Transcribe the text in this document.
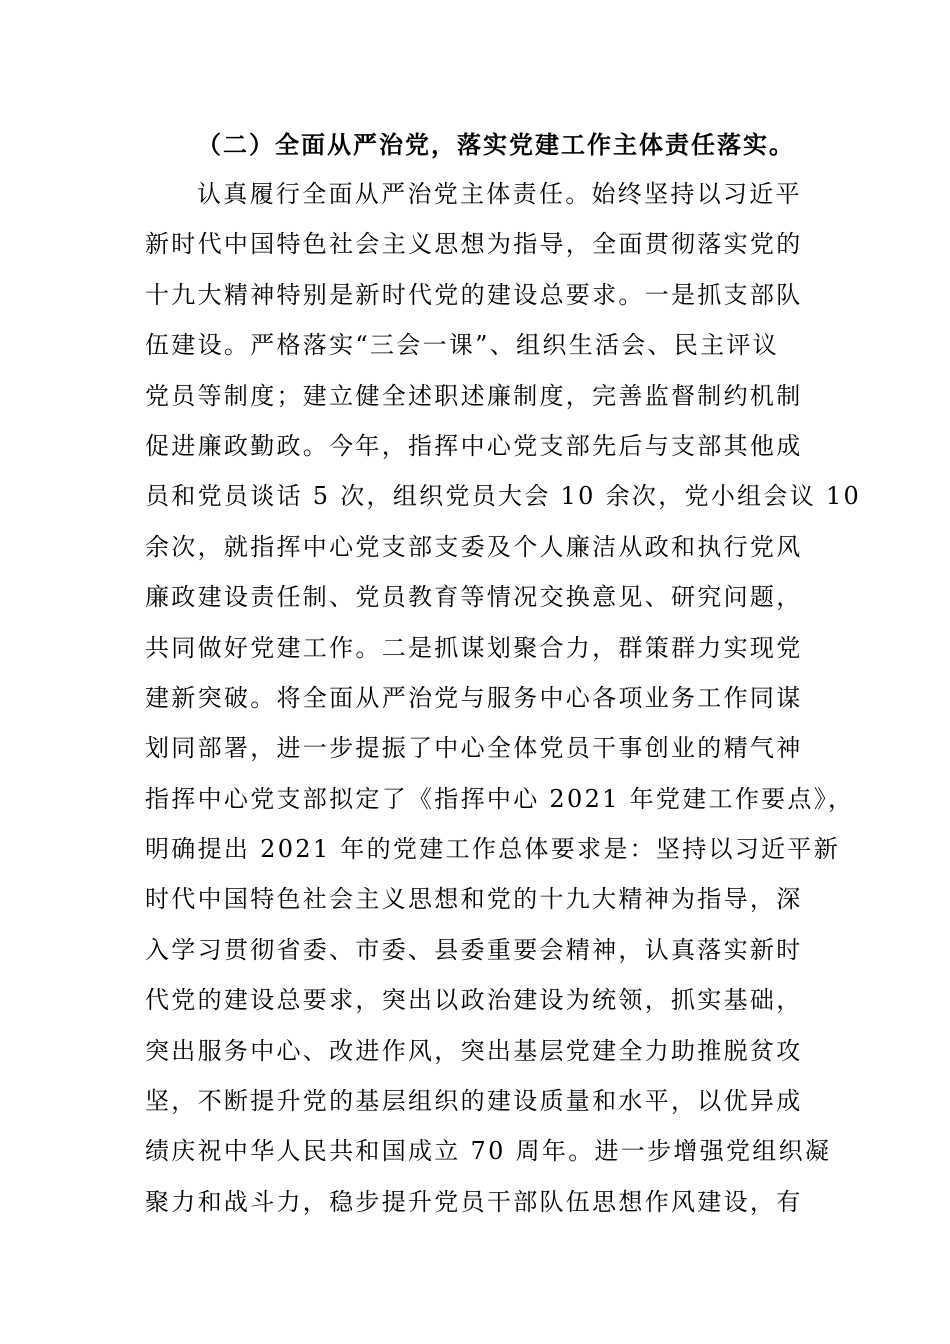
（二）全面从严治党，落实党建工作主体责任落实。
认真履行全面从严治党主体责任。始终坚持以习近平
新时代中国特色社会主义思想为指导，全面贯彻落实党的
十九大精神特别是新时代党的建设总要求。一是抓支部队
伍建设。严格落实“三会一课”、组织生活会、民主评议
党员等制度；建立健全述职述廉制度，完善监督制约机制
促进廉政勤政。今年，指挥中心党支部先后与支部其他成
员和党员谈话 5 次，组织党员大会 10 余次，党小组会议 10
余次，就指挥中心党支部支委及个人廉洁从政和执行党风
廉政建设责任制、党员教育等情况交换意见、研究问题，
共同做好党建工作。二是抓谋划聚合力，群策群力实现党
建新突破。将全面从严治党与服务中心各项业务工作同谋
划同部署，进一步提振了中心全体党员干事创业的精气神
指挥中心党支部拟定了《指挥中心 2021 年党建工作要点》，
明确提出 2021 年的党建工作总体要求是：坚持以习近平新
时代中国特色社会主义思想和党的十九大精神为指导，深
入学习贯彻省委、市委、县委重要会精神，认真落实新时
代党的建设总要求，突出以政治建设为统领，抓实基础，
突出服务中心、改进作风，突出基层党建全力助推脱贫攻
坚，不断提升党的基层组织的建设质量和水平，以优异成
绩庆祝中华人民共和国成立 70 周年。进一步增强党组织凝
聚力和战斗力，稳步提升党员干部队伍思想作风建设，有
